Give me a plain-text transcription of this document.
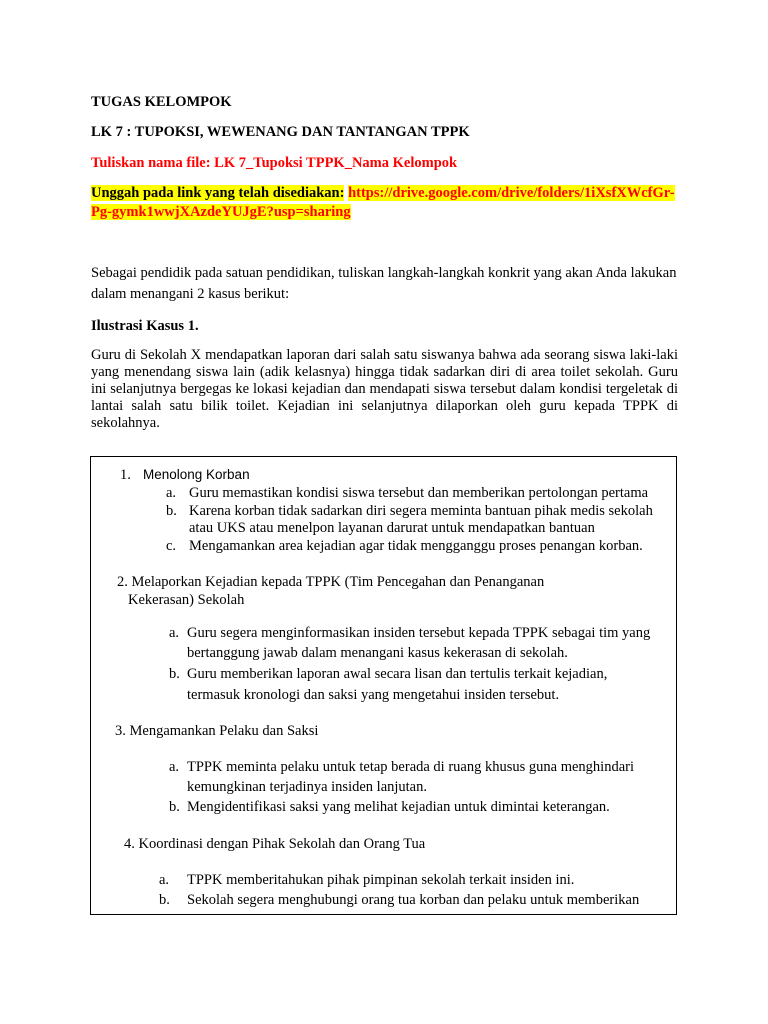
TUGAS KELOMPOK
LK 7 : TUPOKSI, WEWENANG DAN TANTANGAN TPPK
Tuliskan nama file: LK 7_Tupoksi TPPK_Nama Kelompok
Unggah pada link yang telah disediakan: https://drive.google.com/drive/folders/1iXsfXWcfGr-Pg-gymk1wwjXAzdeYUJgE?usp=sharing
Sebagai pendidik pada satuan pendidikan, tuliskan langkah-langkah konkrit yang akan Anda lakukan dalam menangani 2 kasus berikut:
Ilustrasi Kasus 1.
Guru di Sekolah X mendapatkan laporan dari salah satu siswanya bahwa ada seorang siswa laki-laki yang menendang siswa lain (adik kelasnya) hingga tidak sadarkan diri di area toilet sekolah. Guru ini selanjutnya bergegas ke lokasi kejadian dan mendapati siswa tersebut dalam kondisi tergeletak di lantai salah satu bilik toilet. Kejadian ini selanjutnya dilaporkan oleh guru kepada TPPK di sekolahnya.
1. Menolong Korban
a. Guru memastikan kondisi siswa tersebut dan memberikan pertolongan pertama
b. Karena korban tidak sadarkan diri segera meminta bantuan pihak medis sekolah
atau UKS atau menelpon layanan darurat untuk mendapatkan bantuan
c. Mengamankan area kejadian agar tidak mengganggu proses penangan korban.
2. Melaporkan Kejadian kepada TPPK (Tim Pencegahan dan Penanganan
Kekerasan) Sekolah
a. Guru segera menginformasikan insiden tersebut kepada TPPK sebagai tim yang
bertanggung jawab dalam menangani kasus kekerasan di sekolah.
b. Guru memberikan laporan awal secara lisan dan tertulis terkait kejadian,
termasuk kronologi dan saksi yang mengetahui insiden tersebut.
3. Mengamankan Pelaku dan Saksi
a. TPPK meminta pelaku untuk tetap berada di ruang khusus guna menghindari
kemungkinan terjadinya insiden lanjutan.
b. Mengidentifikasi saksi yang melihat kejadian untuk dimintai keterangan.
4. Koordinasi dengan Pihak Sekolah dan Orang Tua
a. TPPK memberitahukan pihak pimpinan sekolah terkait insiden ini.
b. Sekolah segera menghubungi orang tua korban dan pelaku untuk memberikan
